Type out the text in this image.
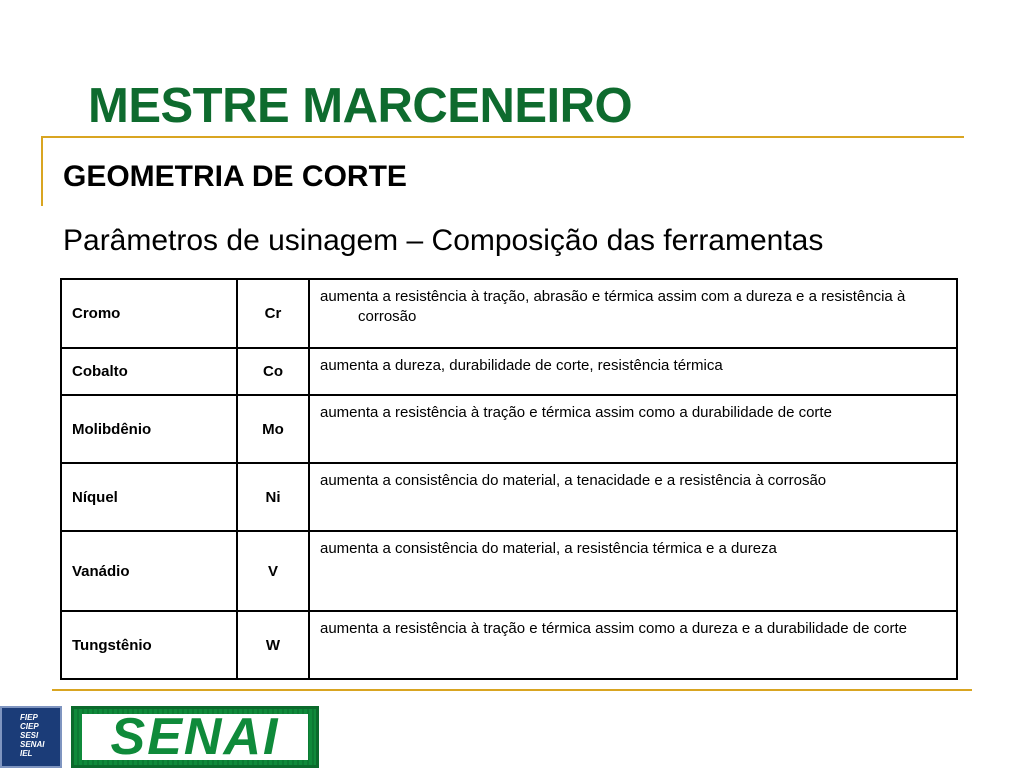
MESTRE MARCENEIRO
GEOMETRIA DE CORTE
Parâmetros de usinagem – Composição das ferramentas
Cromo	Cr	aumenta a resistência à tração, abrasão e térmica assim com a dureza e a resistência à corrosão

Cobalto	Co	aumenta a dureza, durabilidade de corte, resistência térmica

Molibdênio	Mo	aumenta a resistência à tração e térmica assim como a durabilidade de corte

Níquel	Ni	aumenta a consistência do material, a tenacidade e a resistência à corrosão

Vanádio	V	aumenta a consistência do material, a resistência térmica e a dureza

Tungstênio	W	aumenta a resistência à tração e térmica assim como a dureza e a durabilidade de corte
FIEP
CIEP
SESI
SENAI
IEL	SENAI
